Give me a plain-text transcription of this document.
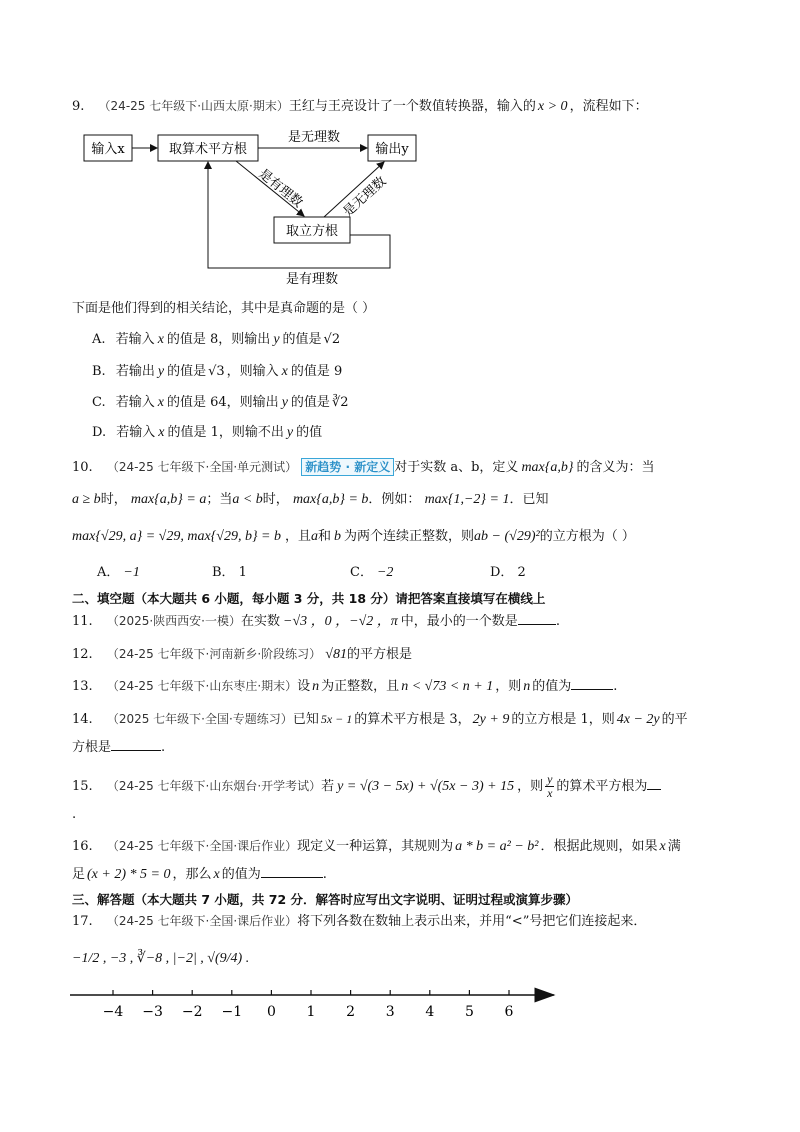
9. （24-25 七年级下·山西太原·期末）王红与王亮设计了一个数值转换器，输入的 x > 0 ，流程如下：
输入x	取算术平方根	输出y
取立方根
是无理数
是有理数	是无理数
是有理数
下面是他们得到的相关结论，其中是真命题的是（ ）
A. 若输入 x 的值是 8，则输出 y 的值是 √2
B. 若输出 y 的值是 √3 ，则输入 x 的值是 9
C. 若输入 x 的值是 64，则输出 y 的值是 ∛2
D. 若输入 x 的值是 1，则输不出 y 的值
10. （24-25 七年级下·全国·单元测试） 新趋势 · 新定义 对于实数 a、b，定义 max{a,b} 的含义为：当
a ≥ b时， max{a,b} = a；当a < b时， max{a,b} = b．例如： max{1,−2} = 1．已知
max{√29, a} = √29, max{√29, b} = b ，且a和 b 为两个连续正整数，则ab − (√29)²的立方根为（ ）
A． −1	B． 1	C． −2	D． 2
二、填空题（本大题共 6 小题，每小题 3 分，共 18 分）请把答案直接填写在横线上
11. （2025·陕西西安·一模）在实数 −√3 ，0 ，−√2 ，π 中，最小的一个数是	.
12. （24-25 七年级下·河南新乡·阶段练习） √81的平方根是
13. （24-25 七年级下·山东枣庄·期末）设 n 为正整数，且 n < √73 < n + 1 ，则 n 的值为	.
14. （2025 七年级下·全国·专题练习）已知 5x − 1 的算术平方根是 3， 2y + 9 的立方根是 1，则 4x − 2y 的平
方根是	.
15. （24-25 七年级下·山东烟台·开学考试）若 y = √(3 − 5x) + √(5x − 3) + 15 ，则 $\frac{y}{x}$ 的算术平方根为
.
16. （24-25 七年级下·全国·课后作业）现定义一种运算，其规则为 a * b = a² − b² ．根据此规则，如果 x 满
足 (x + 2) * 5 = 0 ，那么 x 的值为	.
三、解答题（本大题共 7 小题，共 72 分．解答时应写出文字说明、证明过程或演算步骤）
17. （24-25 七年级下·全国·课后作业）将下列各数在数轴上表示出来，并用“<”号把它们连接起来．
−1/2 , −3 , ∛−8 , |−2| , √(9/4) .
−4 −3 −2 −1 0 1 2 3 4 5 6
